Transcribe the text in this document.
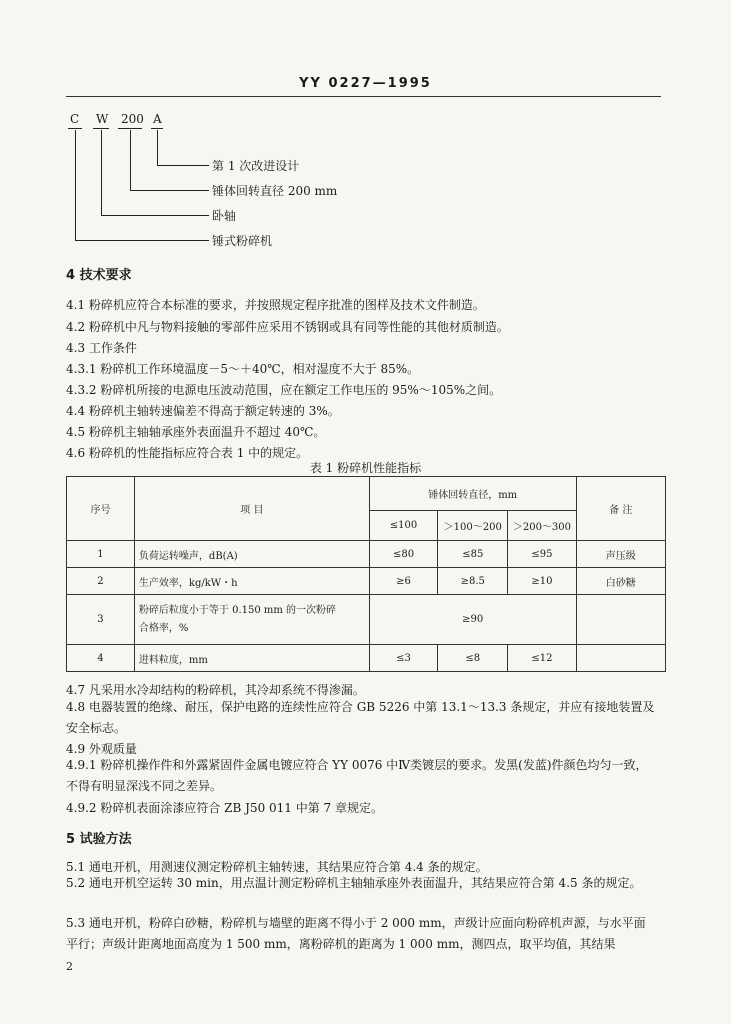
YY 0227—1995
C W 200 A
第 1 次改进设计
锤体回转直径 200 mm
卧轴
锤式粉碎机
4 技术要求
4.1 粉碎机应符合本标准的要求，并按照规定程序批准的图样及技术文件制造。
4.2 粉碎机中凡与物料接触的零部件应采用不锈钢或具有同等性能的其他材质制造。
4.3 工作条件
4.3.1 粉碎机工作环境温度－5～＋40℃，相对湿度不大于 85%。
4.3.2 粉碎机所接的电源电压波动范围，应在额定工作电压的 95%～105%之间。
4.4 粉碎机主轴转速偏差不得高于额定转速的 3%。
4.5 粉碎机主轴轴承座外表面温升不超过 40℃。
4.6 粉碎机的性能指标应符合表 1 中的规定。
表 1 粉碎机性能指标
序号	项 目	锤体回转直径，mm			备 注
		≤100	＞100～200	＞200～300	
1	负荷运转噪声，dB(A)	≤80	≤85	≤95	声压级
2	生产效率，kg/kW・h	≥6	≥8.5	≥10	白砂糖
3	粉碎后粒度小于等于 0.150 mm 的一次粉碎
合格率，%	≥90			
4	进料粒度，mm	≤3	≤8	≤12	
4.7 凡采用水冷却结构的粉碎机，其冷却系统不得渗漏。
4.8 电器装置的绝缘、耐压，保护电路的连续性应符合 GB 5226 中第 13.1～13.3 条规定，并应有接地装置及安全标志。
4.9 外观质量
4.9.1 粉碎机操作件和外露紧固件金属电镀应符合 YY 0076 中Ⅳ类镀层的要求。发黑(发蓝)件颜色均匀一致，不得有明显深浅不同之差异。
4.9.2 粉碎机表面涂漆应符合 ZB J50 011 中第 7 章规定。
5 试验方法
5.1 通电开机，用测速仪测定粉碎机主轴转速，其结果应符合第 4.4 条的规定。
5.2 通电开机空运转 30 min，用点温计测定粉碎机主轴轴承座外表面温升，其结果应符合第 4.5 条的规定。
5.3 通电开机，粉碎白砂糖，粉碎机与墙壁的距离不得小于 2 000 mm，声级计应面向粉碎机声源，与水平面平行；声级计距离地面高度为 1 500 mm，离粉碎机的距离为 1 000 mm，测四点，取平均值，其结果
2
